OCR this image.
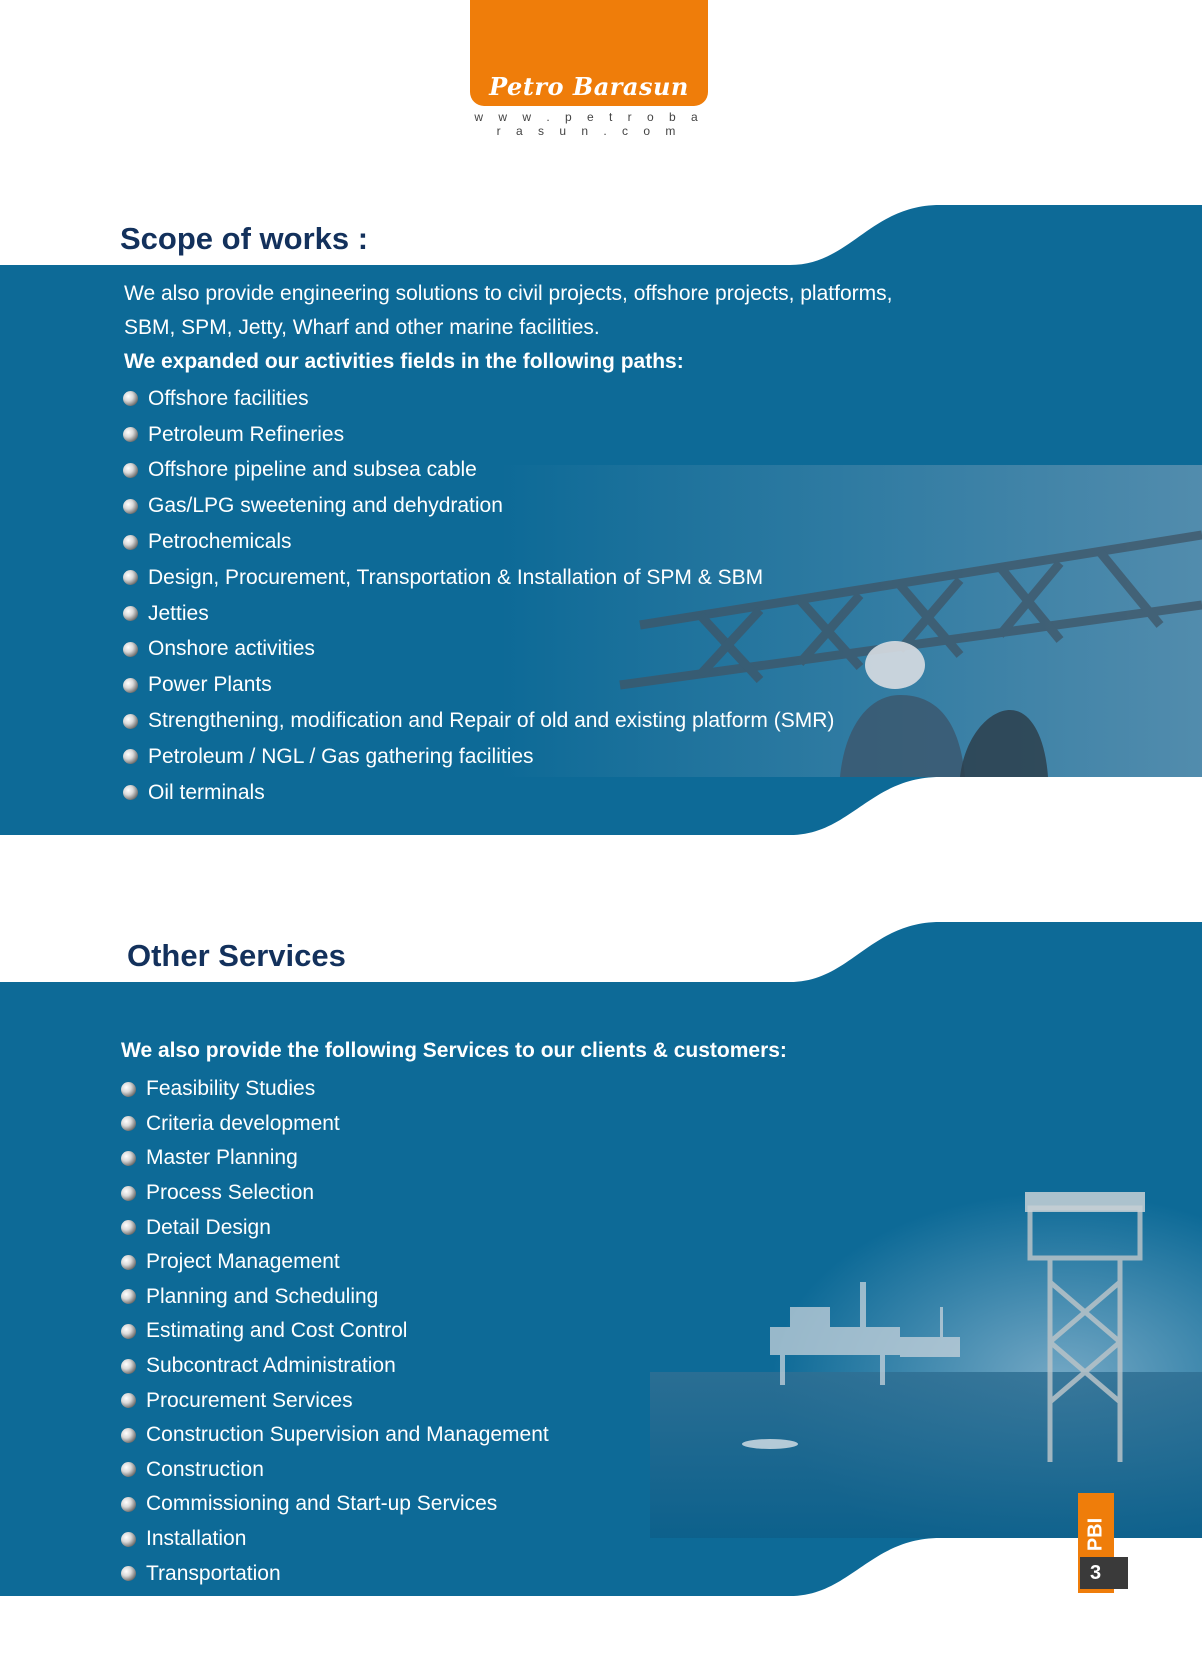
Petro Barasun
w w w . p e t r o b a r a s u n . c o m
Scope of works :

We also provide engineering solutions to civil projects, offshore projects, platforms,

SBM, SPM, Jetty, Wharf and other marine facilities.

We expanded our activities fields in the following paths:

Offshore facilities
Petroleum Refineries
Offshore pipeline and subsea cable
Gas/LPG sweetening and dehydration
Petrochemicals
Design, Procurement, Transportation & Installation of SPM & SBM
Jetties
Onshore activities
Power Plants
Strengthening, modification and Repair of old and existing platform (SMR)
Petroleum / NGL / Gas gathering facilities
Oil terminals
Other Services

We also provide the following Services to our clients & customers:

Feasibility Studies
Criteria development
Master Planning
Process Selection
Detail Design
Project Management
Planning and Scheduling
Estimating and Cost Control
Subcontract Administration
Procurement Services
Construction Supervision and Management
Construction
Commissioning and Start-up Services
Installation
Transportation
PBI
3
